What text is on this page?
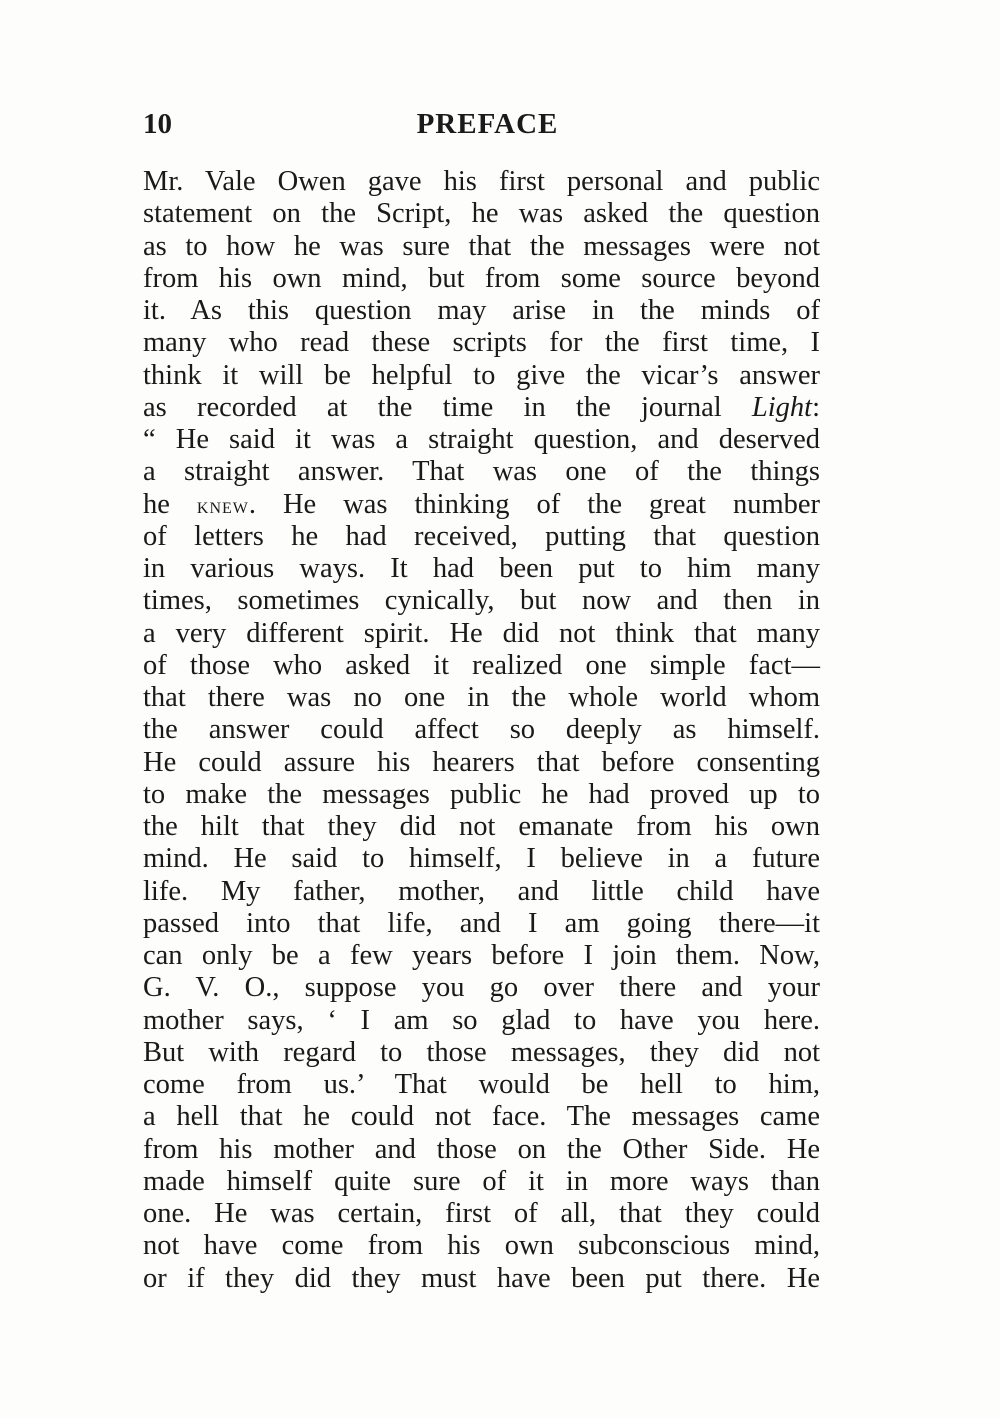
10	PREFACE
Mr. Vale Owen gave his first personal and public
statement on the Script, he was asked the question
as to how he was sure that the messages were not
from his own mind, but from some source beyond
it. As this question may arise in the minds of
many who read these scripts for the first time, I
think it will be helpful to give the vicar’s answer
as recorded at the time in the journal Light:
“ He said it was a straight question, and deserved
a straight answer. That was one of the things
he knew. He was thinking of the great number
of letters he had received, putting that question
in various ways. It had been put to him many
times, sometimes cynically, but now and then in
a very different spirit. He did not think that many
of those who asked it realized one simple fact—
that there was no one in the whole world whom
the answer could affect so deeply as himself.
He could assure his hearers that before consenting
to make the messages public he had proved up to
the hilt that they did not emanate from his own
mind. He said to himself, I believe in a future
life. My father, mother, and little child have
passed into that life, and I am going there—it
can only be a few years before I join them. Now,
G. V. O., suppose you go over there and your
mother says, ‘ I am so glad to have you here.
But with regard to those messages, they did not
come from us.’ That would be hell to him,
a hell that he could not face. The messages came
from his mother and those on the Other Side. He
made himself quite sure of it in more ways than
one. He was certain, first of all, that they could
not have come from his own subconscious mind,
or if they did they must have been put there. He
